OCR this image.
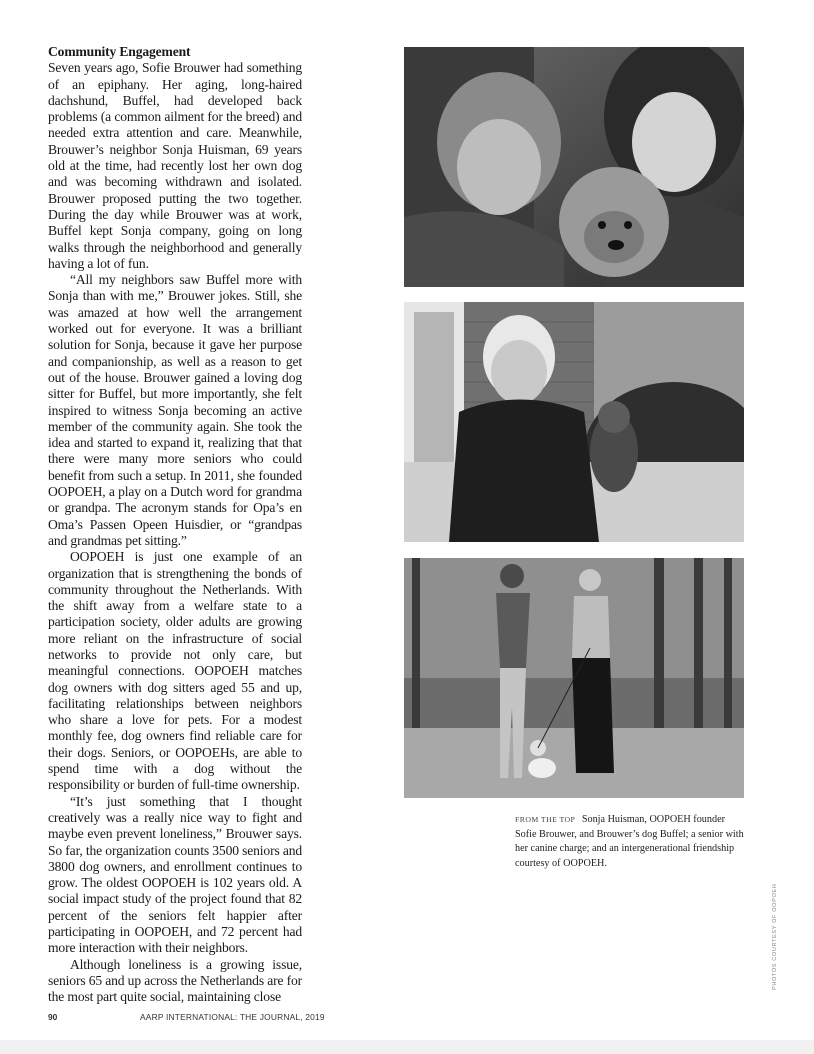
Community Engagement

Seven years ago, Sofie Brouwer had something of an epiphany. Her aging, long-haired dachshund, Buffel, had developed back problems (a common ailment for the breed) and needed extra attention and care. Meanwhile, Brouwer’s neighbor Sonja Huisman, 69 years old at the time, had recently lost her own dog and was becoming withdrawn and isolated. Brouwer proposed putting the two together. During the day while Brouwer was at work, Buffel kept Sonja company, going on long walks through the neighborhood and generally having a lot of fun.

“All my neighbors saw Buffel more with Sonja than with me,” Brouwer jokes. Still, she was amazed at how well the arrangement worked out for everyone. It was a brilliant solution for Sonja, because it gave her purpose and companionship, as well as a reason to get out of the house. Brouwer gained a loving dog sitter for Buffel, but more importantly, she felt inspired to witness Sonja becoming an active member of the community again. She took the idea and started to expand it, realizing that that there were many more seniors who could benefit from such a setup. In 2011, she founded OOPOEH, a play on a Dutch word for grandma or grandpa. The acronym stands for Opa’s en Oma’s Passen Opeen Huisdier, or “grandpas and grandmas pet sitting.”

OOPOEH is just one example of an organization that is strengthening the bonds of community throughout the Netherlands. With the shift away from a welfare state to a participation society, older adults are growing more reliant on the infrastructure of social networks to provide not only care, but meaningful connections. OOPOEH matches dog owners with dog sitters aged 55 and up, facilitating relationships between neighbors who share a love for pets. For a modest monthly fee, dog owners find reliable care for their dogs. Seniors, or OOPOEHs, are able to spend time with a dog without the responsibility or burden of full-time ownership.

“It’s just something that I thought creatively was a really nice way to fight and maybe even prevent loneliness,” Brouwer says. So far, the organization counts 3500 seniors and 3800 dog owners, and enrollment continues to grow. The oldest OOPOEH is 102 years old. A social impact study of the project found that 82 percent of the seniors felt happier after participating in OOPOEH, and 72 percent had more interaction with their neighbors.

Although loneliness is a growing issue, seniors 65 and up across the Netherlands are for the most part quite social, maintaining close

FROM THE TOP Sonja Huisman, OOPOEH founder Sofie Brouwer, and Brouwer’s dog Buffel; a senior with her canine charge; and an intergenerational friendship courtesy of OOPOEH.
PHOTOS COURTESY OF OOPOEH
90	AARP INTERNATIONAL: THE JOURNAL, 2019
